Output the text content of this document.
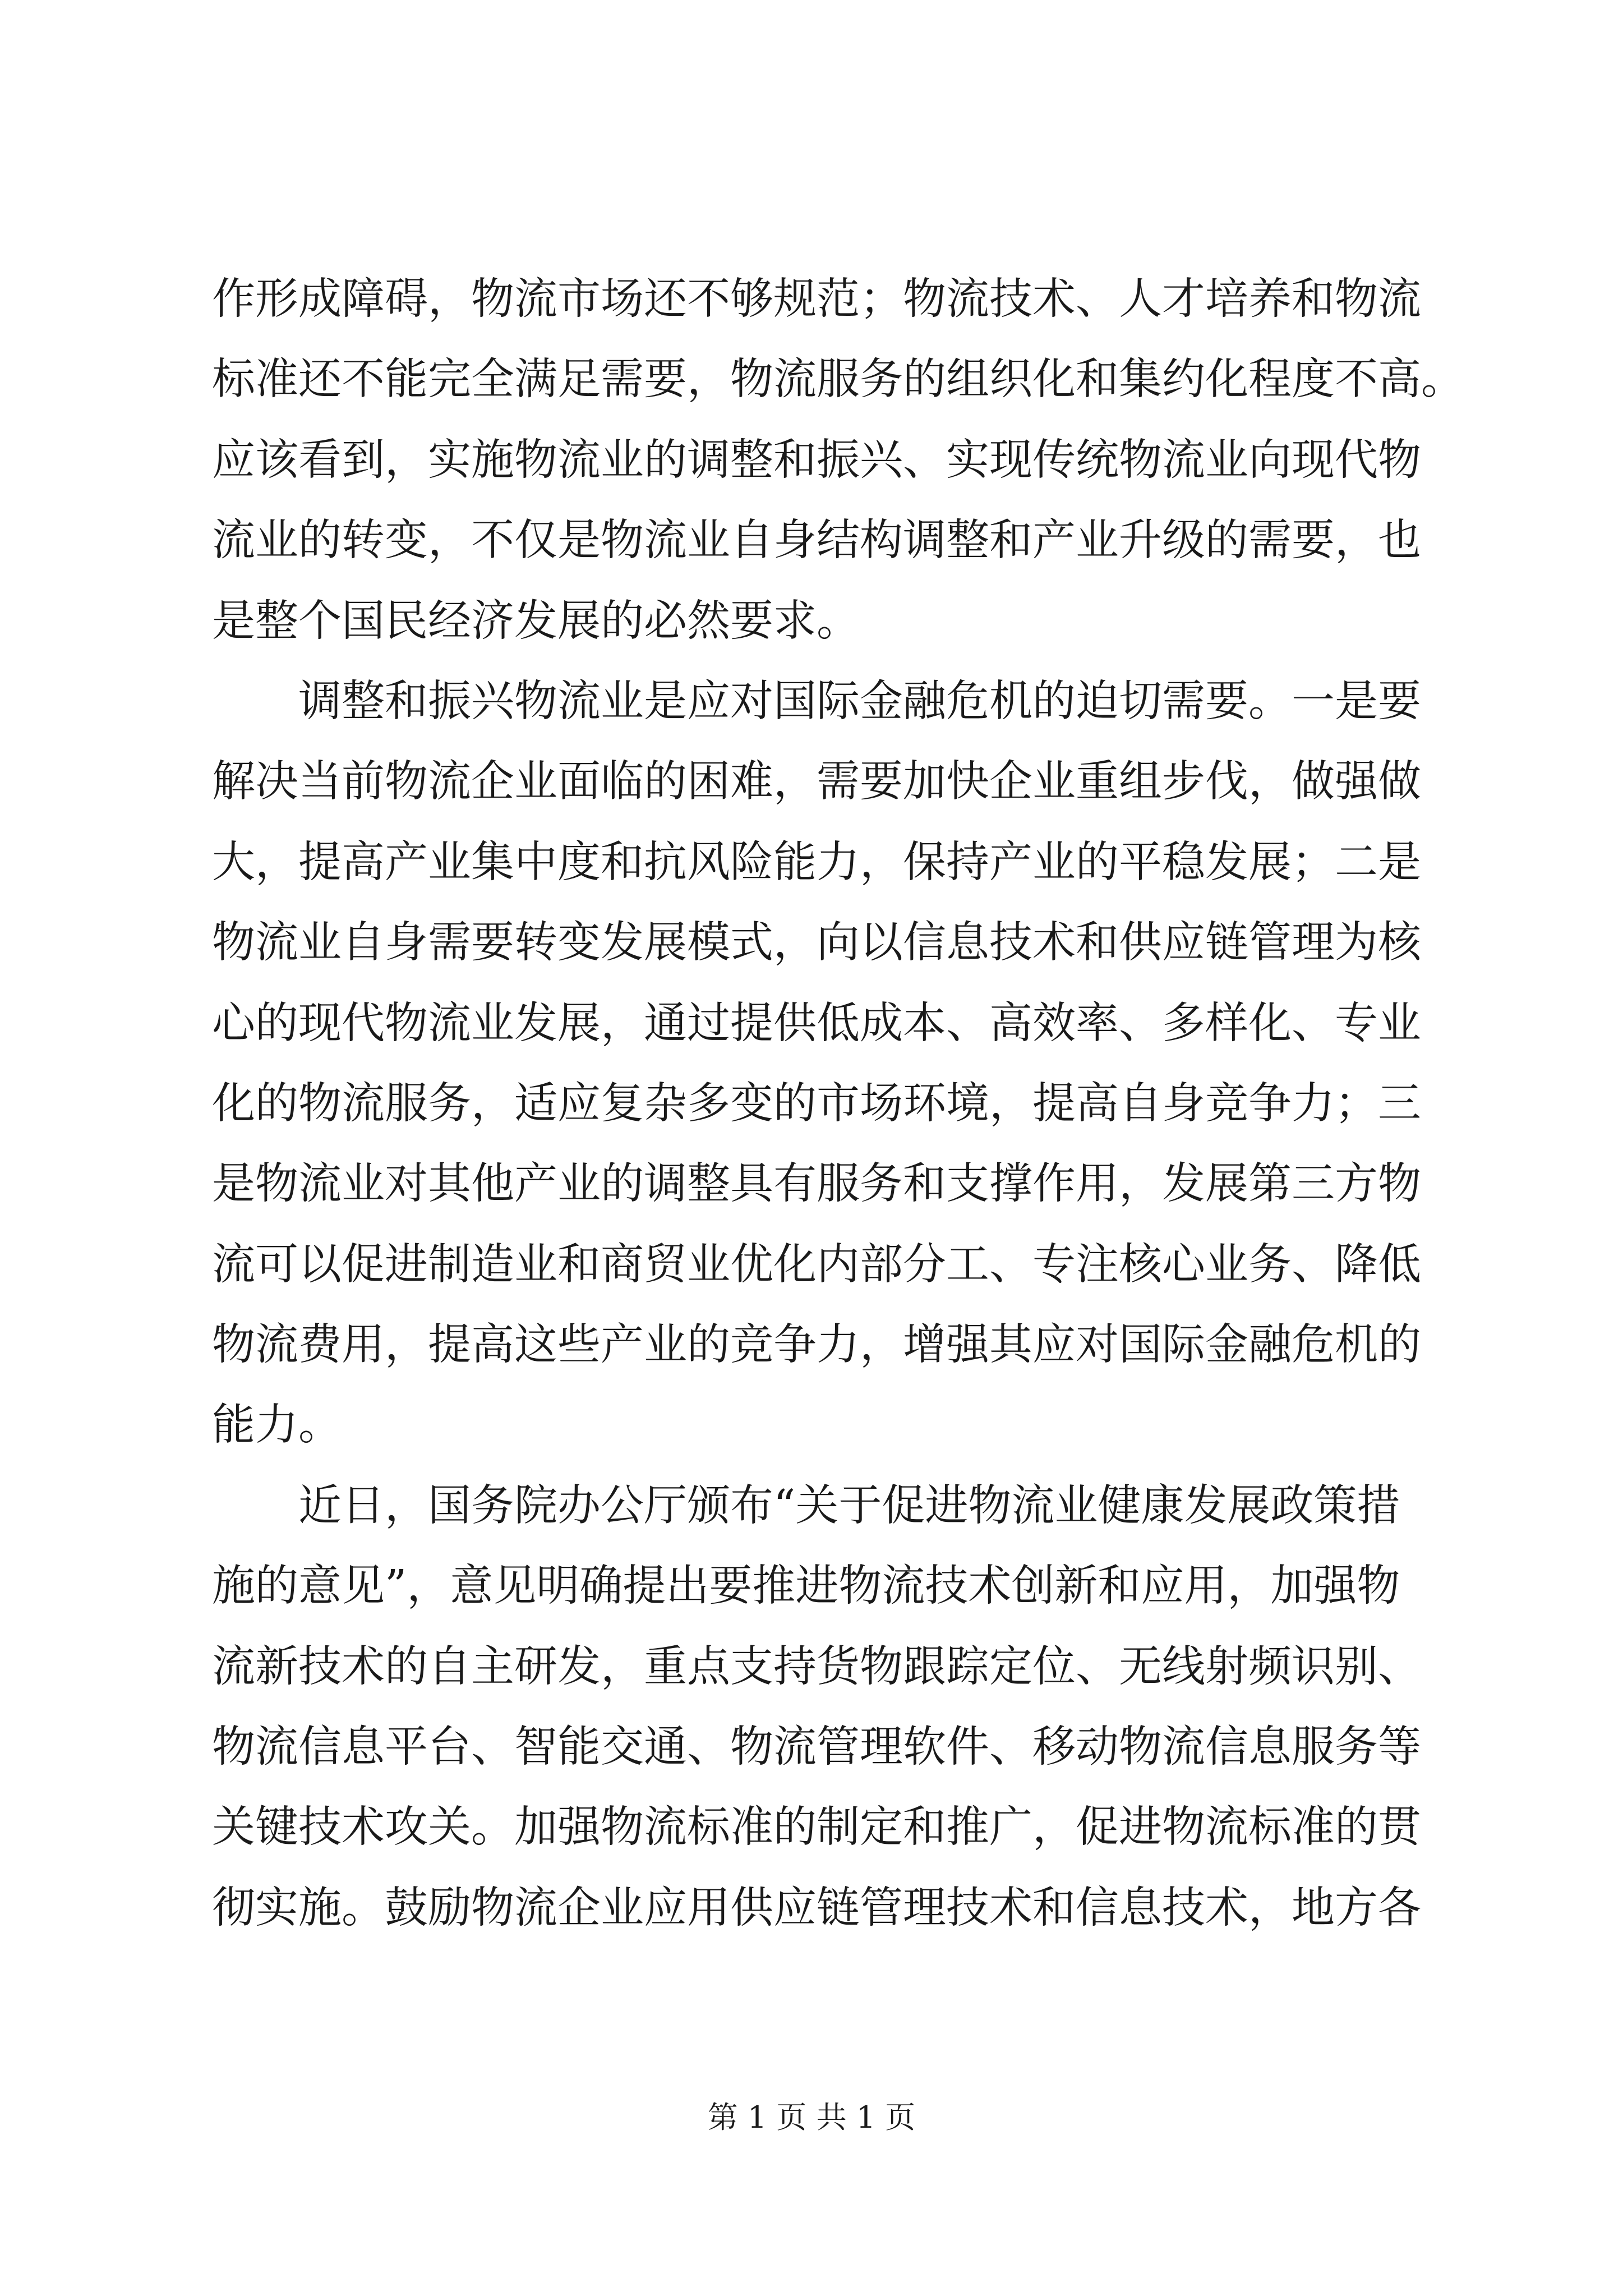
作形成障碍，物流市场还不够规范；物流技术、人才培养和物流
标准还不能完全满足需要，物流服务的组织化和集约化程度不高。
应该看到，实施物流业的调整和振兴、实现传统物流业向现代物
流业的转变，不仅是物流业自身结构调整和产业升级的需要，也
是整个国民经济发展的必然要求。
调整和振兴物流业是应对国际金融危机的迫切需要。一是要
解决当前物流企业面临的困难，需要加快企业重组步伐，做强做
大，提高产业集中度和抗风险能力，保持产业的平稳发展；二是
物流业自身需要转变发展模式，向以信息技术和供应链管理为核
心的现代物流业发展，通过提供低成本、高效率、多样化、专业
化的物流服务，适应复杂多变的市场环境，提高自身竞争力；三
是物流业对其他产业的调整具有服务和支撑作用，发展第三方物
流可以促进制造业和商贸业优化内部分工、专注核心业务、降低
物流费用，提高这些产业的竞争力，增强其应对国际金融危机的
能力。
近日，国务院办公厅颁布“关于促进物流业健康发展政策措
施的意见”，意见明确提出要推进物流技术创新和应用，加强物
流新技术的自主研发，重点支持货物跟踪定位、无线射频识别、
物流信息平台、智能交通、物流管理软件、移动物流信息服务等
关键技术攻关。加强物流标准的制定和推广，促进物流标准的贯
彻实施。鼓励物流企业应用供应链管理技术和信息技术，地方各
第 1 页 共 1 页
